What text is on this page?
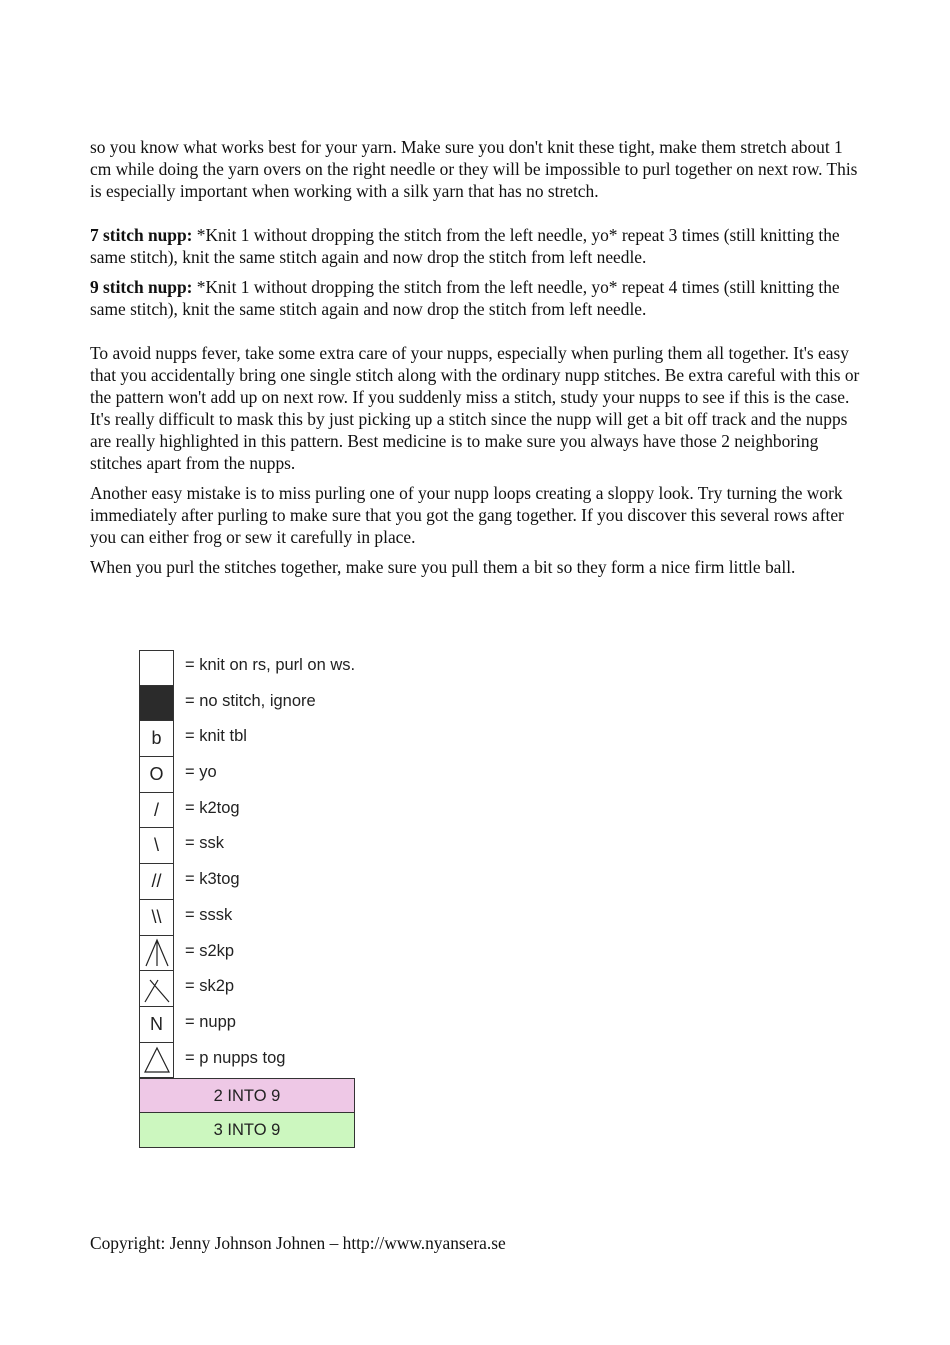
so you know what works best for your yarn. Make sure you don't knit these tight, make them stretch about 1 cm while doing the yarn overs on the right needle or they will be impossible to purl together on next row. This is especially important when working with a silk yarn that has no stretch.

7 stitch nupp: *Knit 1 without dropping the stitch from the left needle, yo* repeat 3 times (still knitting the same stitch), knit the same stitch again and now drop the stitch from left needle.

9 stitch nupp: *Knit 1 without dropping the stitch from the left needle, yo* repeat 4 times (still knitting the same stitch), knit the same stitch again and now drop the stitch from left needle.

To avoid nupps fever, take some extra care of your nupps, especially when purling them all together. It's easy that you accidentally bring one single stitch along with the ordinary nupp stitches. Be extra careful with this or the pattern won't add up on next row. If you suddenly miss a stitch, study your nupps to see if this is the case. It's really difficult to mask this by just picking up a stitch since the nupp will get a bit off track and the nupps are really highlighted in this pattern. Best medicine is to make sure you always have those 2 neighboring stitches apart from the nupps.

Another easy mistake is to miss purling one of your nupp loops creating a sloppy look. Try turning the work immediately after purling to make sure that you got the gang together. If you discover this several rows after you can either frog or sew it carefully in place.

When you purl the stitches together, make sure you pull them a bit so they form a nice firm little ball.

= knit on rs, purl on ws.
= no stitch, ignore
b	= knit tbl
O	= yo
/	= k2tog
\	= ssk
//	= k3tog
\\	= sssk
= s2kp
= sk2p
N	= nupp
= p nupps tog
2 INTO 9
3 INTO 9
Copyright: Jenny Johnson Johnen – http://www.nyansera.se
